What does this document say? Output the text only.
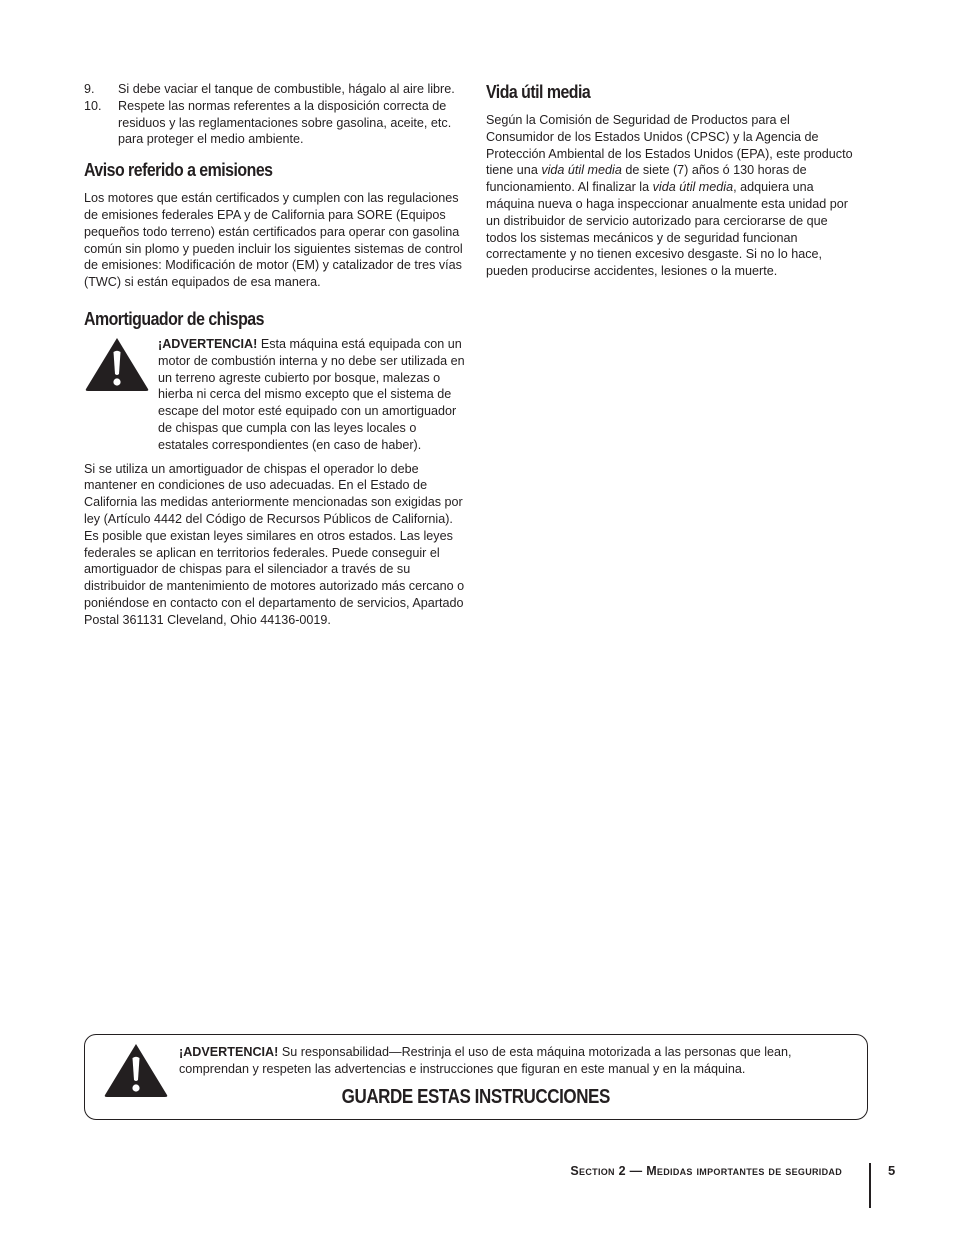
9.	Si debe vaciar el tanque de combustible, hágalo al aire libre.
10.	Respete las normas referentes a la disposición correcta de residuos y las reglamentaciones sobre gasolina, aceite, etc. para proteger el medio ambiente.
Aviso referido a emisiones

Los motores que están certificados y cumplen con las regulaciones de emisiones federales EPA y de California para SORE (Equipos pequeños todo terreno) están certificados para operar con gasolina común sin plomo y pueden incluir los siguientes sistemas de control de emisiones: Modificación de motor (EM) y catalizador de tres vías (TWC) si están equipados de esa manera.

Amortiguador de chispas
¡ADVERTENCIA! Esta máquina está equipada con un motor de combustión interna y no debe ser utilizada en un terreno agreste cubierto por bosque, malezas o hierba ni cerca del mismo excepto que el sistema de escape del motor esté equipado con un amortiguador de chispas que cumpla con las leyes locales o estatales correspondientes (en caso de haber).

Si se utiliza un amortiguador de chispas el operador lo debe mantener en condiciones de uso adecuadas. En el Estado de California las medidas anteriormente mencionadas son exigidas por ley (Artículo 4442 del Código de Recursos Públicos de California). Es posible que existan leyes similares en otros estados. Las leyes federales se aplican en territorios federales. Puede conseguir el amortiguador de chispas para el silenciador a través de su distribuidor de mantenimiento de motores autorizado más cercano o poniéndose en contacto con el departamento de servicios, Apartado Postal 361131 Cleveland, Ohio 44136-0019.

Vida útil media

Según la Comisión de Seguridad de Productos para el Consumidor de los Estados Unidos (CPSC) y la Agencia de Protección Ambiental de los Estados Unidos (EPA), este producto tiene una vida útil media de siete (7) años ó 130 horas de funcionamiento. Al finalizar la vida útil media, adquiera una máquina nueva o haga inspeccionar anualmente esta unidad por un distribuidor de servicio autorizado para cerciorarse de que todos los sistemas mecánicos y de seguridad funcionan correctamente y no tienen excesivo desgaste. Si no lo hace, pueden producirse accidentes, lesiones o la muerte.

¡ADVERTENCIA! Su responsabilidad—Restrinja el uso de esta máquina motorizada a las personas que lean, comprendan y respeten las advertencias e instrucciones que figuran en este manual y en la máquina.
GUARDE ESTAS INSTRUCCIONES
Section 2 — Medidas importantes de seguridad	5
